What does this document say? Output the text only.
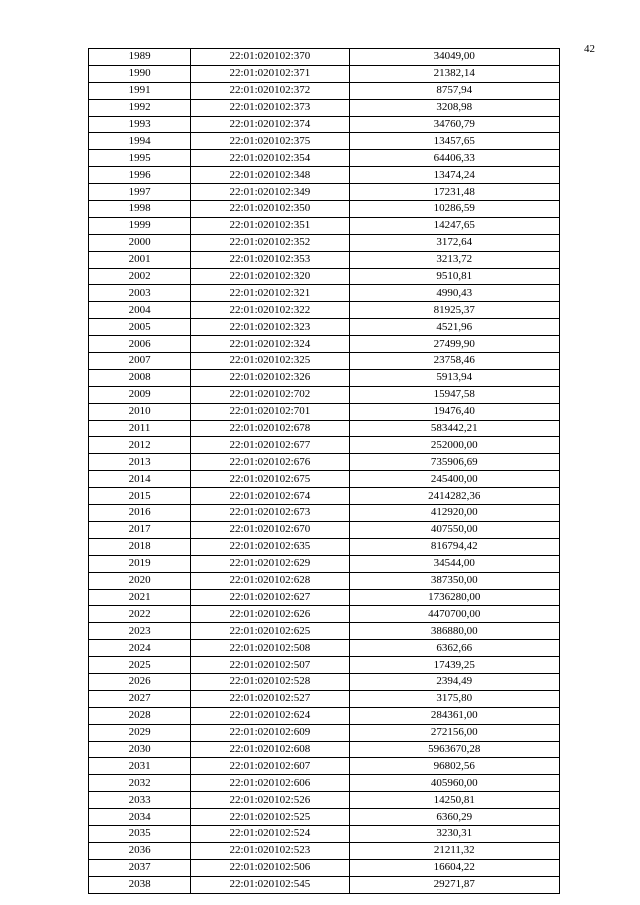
42
1989	22:01:020102:370	34049,00
1990	22:01:020102:371	21382,14
1991	22:01:020102:372	8757,94
1992	22:01:020102:373	3208,98
1993	22:01:020102:374	34760,79
1994	22:01:020102:375	13457,65
1995	22:01:020102:354	64406,33
1996	22:01:020102:348	13474,24
1997	22:01:020102:349	17231,48
1998	22:01:020102:350	10286,59
1999	22:01:020102:351	14247,65
2000	22:01:020102:352	3172,64
2001	22:01:020102:353	3213,72
2002	22:01:020102:320	9510,81
2003	22:01:020102:321	4990,43
2004	22:01:020102:322	81925,37
2005	22:01:020102:323	4521,96
2006	22:01:020102:324	27499,90
2007	22:01:020102:325	23758,46
2008	22:01:020102:326	5913,94
2009	22:01:020102:702	15947,58
2010	22:01:020102:701	19476,40
2011	22:01:020102:678	583442,21
2012	22:01:020102:677	252000,00
2013	22:01:020102:676	735906,69
2014	22:01:020102:675	245400,00
2015	22:01:020102:674	2414282,36
2016	22:01:020102:673	412920,00
2017	22:01:020102:670	407550,00
2018	22:01:020102:635	816794,42
2019	22:01:020102:629	34544,00
2020	22:01:020102:628	387350,00
2021	22:01:020102:627	1736280,00
2022	22:01:020102:626	4470700,00
2023	22:01:020102:625	386880,00
2024	22:01:020102:508	6362,66
2025	22:01:020102:507	17439,25
2026	22:01:020102:528	2394,49
2027	22:01:020102:527	3175,80
2028	22:01:020102:624	284361,00
2029	22:01:020102:609	272156,00
2030	22:01:020102:608	5963670,28
2031	22:01:020102:607	96802,56
2032	22:01:020102:606	405960,00
2033	22:01:020102:526	14250,81
2034	22:01:020102:525	6360,29
2035	22:01:020102:524	3230,31
2036	22:01:020102:523	21211,32
2037	22:01:020102:506	16604,22
2038	22:01:020102:545	29271,87
